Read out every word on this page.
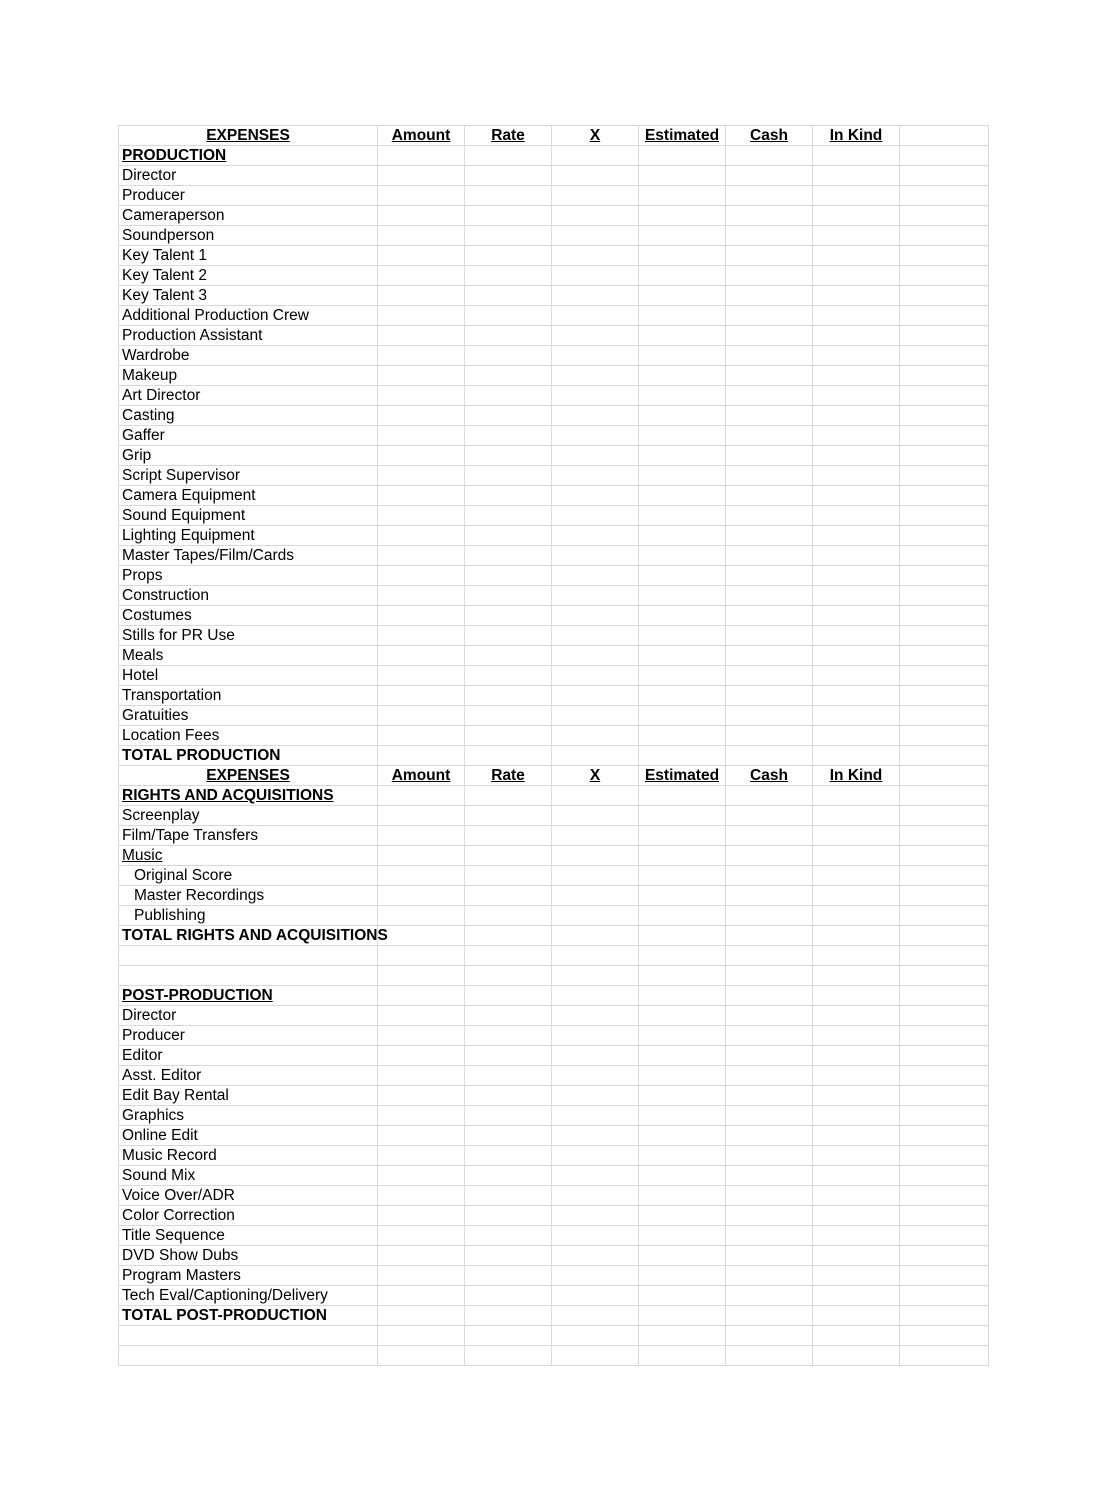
EXPENSES	Amount	Rate	X	Estimated	Cash	In Kind	
PRODUCTION							
Director							
Producer							
Cameraperson							
Soundperson							
Key Talent 1							
Key Talent 2							
Key Talent 3							
Additional Production Crew							
Production Assistant							
Wardrobe							
Makeup							
Art Director							
Casting							
Gaffer							
Grip							
Script Supervisor							
Camera Equipment							
Sound Equipment							
Lighting Equipment							
Master Tapes/Film/Cards							
Props							
Construction							
Costumes							
Stills for PR Use							
Meals							
Hotel							
Transportation							
Gratuities							
Location Fees							
TOTAL PRODUCTION							
EXPENSES	Amount	Rate	X	Estimated	Cash	In Kind	
RIGHTS AND ACQUISITIONS							
Screenplay							
Film/Tape Transfers							
Music							
Original Score							
Master Recordings							
Publishing							
TOTAL RIGHTS AND ACQUISITIONS							

POST-PRODUCTION							
Director							
Producer							
Editor							
Asst. Editor							
Edit Bay Rental							
Graphics							
Online Edit							
Music Record							
Sound Mix							
Voice Over/ADR							
Color Correction							
Title Sequence							
DVD Show Dubs							
Program Masters							
Tech Eval/Captioning/Delivery							
TOTAL POST-PRODUCTION							
